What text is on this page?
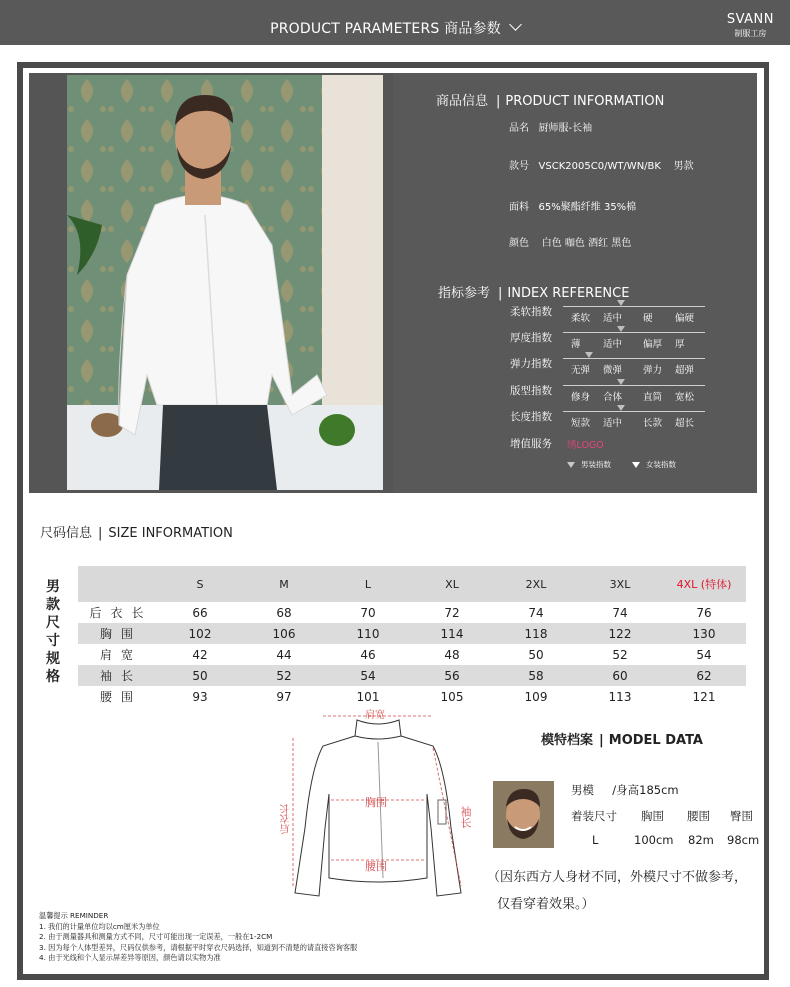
PRODUCT PARAMETERS 商品参数
SVANN
制服工房
商品信息 | PRODUCT INFORMATION
品名 厨师服-长袖
款号 VSCK2005C0/WT/WN/BK    男款
面料 65%聚酯纤维 35%棉
颜色 白色 咖色 酒红 黑色
指标参考 | INDEX REFERENCE
柔软指数
柔软 适中 硬 偏硬
厚度指数
薄 适中 偏厚 厚
弹力指数
无弹 微弹 弹力 超弹
版型指数
修身 合体 直筒 宽松
长度指数
短款 适中 长款 超长
增值服务 绣LOGO
男装指数	女装指数
尺码信息 | SIZE INFORMATION
男
款
尺
寸
规
格
	S	M	L	XL	2XL	3XL	4XL (特体)
后衣长	66	68	70	72	74	74	76
胸围	102	106	110	114	118	122	130
肩宽	42	44	46	48	50	52	54
袖长	50	52	54	56	58	60	62
腰围	93	97	101	105	109	113	121
肩宽
胸围
腰围
后衣长	袖长
模特档案 | MODEL DATA
男模 /身高185cm
着装尺寸 胸围 腰围 臀围
L	100cm 82m 98cm
（因东西方人身材不同，外模尺寸不做参考，
仅看穿着效果。）
温馨提示 REMINDER
1. 我们的计量单位均以cm厘米为单位
2. 由于测量器具和测量方式不同，尺寸可能出现一定误差，一般在1-2CM
3. 因为每个人体型差异，尺码仅供参考，请根据平时穿衣尺码选择，知道到不清楚的请直接咨询客服
4. 由于光线和个人显示屏差异等原因，颜色请以实物为准
